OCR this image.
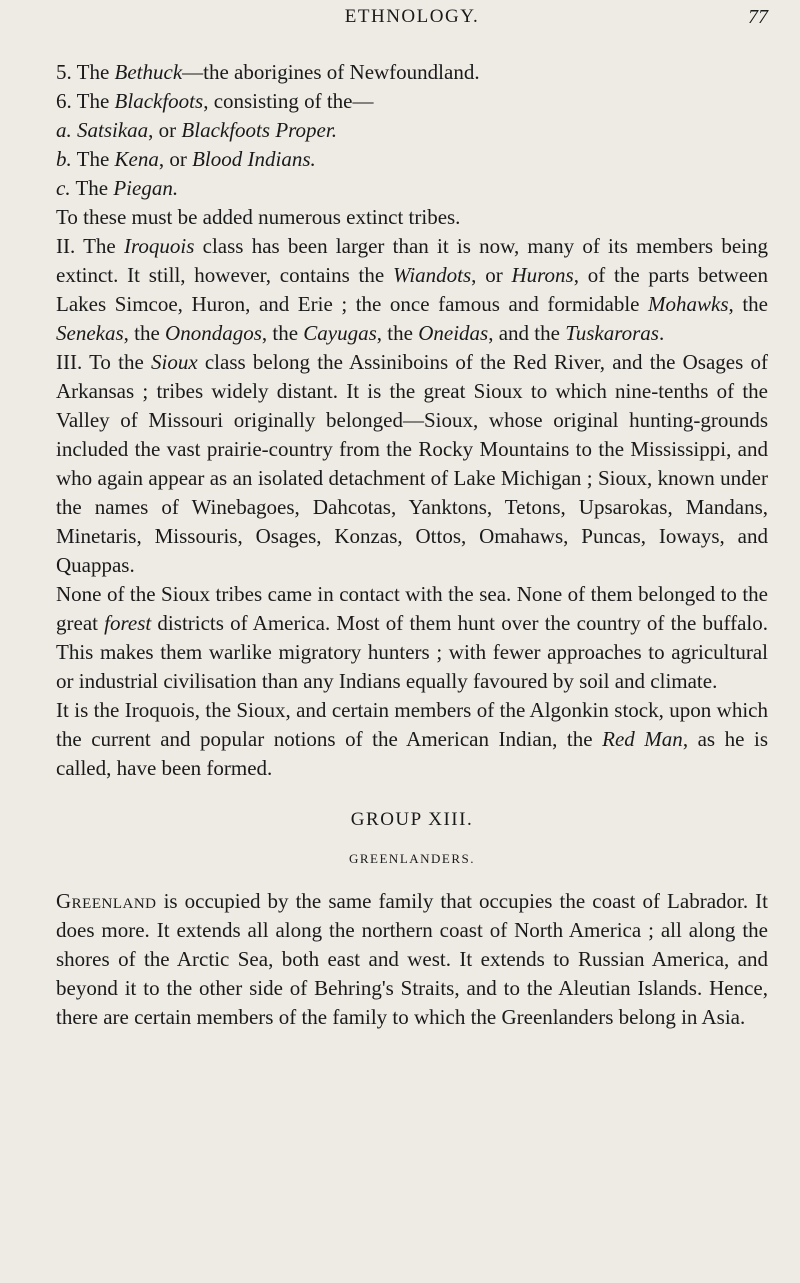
ETHNOLOGY.	77

5. The Bethuck—the aborigines of Newfoundland.

6. The Blackfoots, consisting of the—

a. Satsikaa, or Blackfoots Proper.

b. The Kena, or Blood Indians.

c. The Piegan.

To these must be added numerous extinct tribes.

II. The Iroquois class has been larger than it is now, many of its members being extinct. It still, however, contains the Wiandots, or Hurons, of the parts between Lakes Simcoe, Huron, and Erie ; the once famous and formidable Mohawks, the Senekas, the Onondagos, the Cayugas, the Oneidas, and the Tuskaroras.

III. To the Sioux class belong the Assiniboins of the Red River, and the Osages of Arkansas ; tribes widely distant. It is the great Sioux to which nine-tenths of the Valley of Missouri originally belonged—Sioux, whose original hunting-grounds included the vast prairie-country from the Rocky Mountains to the Mississippi, and who again appear as an isolated detachment of Lake Michigan ; Sioux, known under the names of Winebagoes, Dahcotas, Yanktons, Tetons, Upsarokas, Mandans, Minetaris, Missouris, Osages, Konzas, Ottos, Omahaws, Puncas, Ioways, and Quappas.

None of the Sioux tribes came in contact with the sea. None of them belonged to the great forest districts of America. Most of them hunt over the country of the buffalo. This makes them warlike migratory hunters ; with fewer approaches to agricultural or industrial civilisation than any Indians equally favoured by soil and climate.

It is the Iroquois, the Sioux, and certain members of the Algonkin stock, upon which the current and popular notions of the American Indian, the Red Man, as he is called, have been formed.

GROUP XIII.
GREENLANDERS.

Greenland is occupied by the same family that occupies the coast of Labrador. It does more. It extends all along the northern coast of North America ; all along the shores of the Arctic Sea, both east and west. It extends to Russian America, and beyond it to the other side of Behring's Straits, and to the Aleutian Islands. Hence, there are certain members of the family to which the Greenlanders belong in Asia.
